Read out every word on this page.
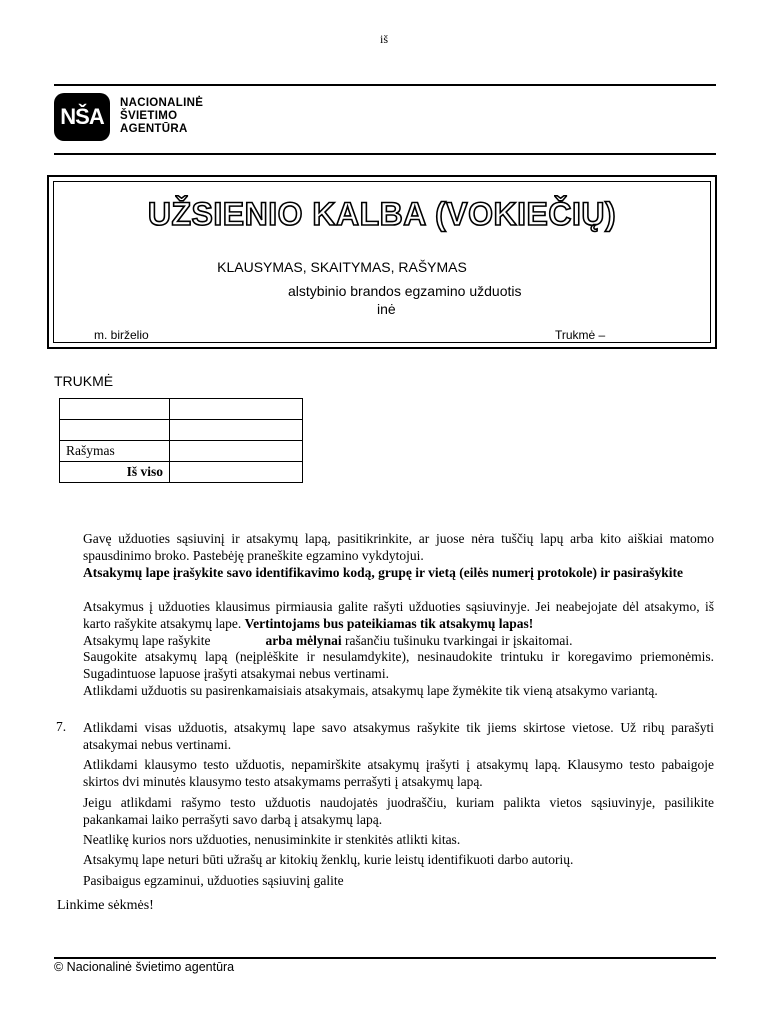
iš
NŠA
NACIONALINĖ
ŠVIETIMO
AGENTŪRA
UŽSIENIO KALBA (VOKIEČIŲ)
KLAUSYMAS, SKAITYMAS, RAŠYMAS
alstybinio brandos egzamino užduotis
inė
m. birželio	Trukmė –
TRUKMĖ

Rašymas	
Iš viso	
Gavę užduoties sąsiuvinį ir atsakymų lapą, pasitikrinkite, ar juose nėra tuščių lapų arba kito aiškiai matomo spausdinimo broko. Pastebėję praneškite egzamino vykdytojui.
Atsakymų lape įrašykite savo identifikavimo kodą, grupę ir vietą (eilės numerį protokole) ir pasirašykite
Atsakymus į užduoties klausimus pirmiausia galite rašyti užduoties sąsiuvinyje. Jei neabejojate dėl atsakymo, iš karto rašykite atsakymų lape. Vertintojams bus pateikiamas tik atsakymų lapas!
Atsakymų lape rašykite	arba mėlynai rašančiu tušinuku tvarkingai ir įskaitomai.
Saugokite atsakymų lapą (neįplėškite ir nesulamdykite), nesinaudokite trintuku ir koregavimo priemonėmis. Sugadintuose lapuose įrašyti atsakymai nebus vertinami.
Atlikdami užduotis su pasirenkamaisiais atsakymais, atsakymų lape žymėkite tik vieną atsakymo variantą.
7. Atlikdami visas užduotis, atsakymų lape savo atsakymus rašykite tik jiems skirtose vietose. Už ribų parašyti atsakymai nebus vertinami.
Atlikdami klausymo testo užduotis, nepamirškite atsakymų įrašyti į atsakymų lapą. Klausymo testo pabaigoje skirtos dvi minutės klausymo testo atsakymams perrašyti į atsakymų lapą.
Jeigu atlikdami rašymo testo užduotis naudojatės juodraščiu, kuriam palikta vietos sąsiuvinyje, pasilikite pakankamai laiko perrašyti savo darbą į atsakymų lapą.
Neatlikę kurios nors užduoties, nenusiminkite ir stenkitės atlikti kitas.
Atsakymų lape neturi būti užrašų ar kitokių ženklų, kurie leistų identifikuoti darbo autorių.
Pasibaigus egzaminui, užduoties sąsiuvinį galite
Linkime sėkmės!
© Nacionalinė švietimo agentūra
